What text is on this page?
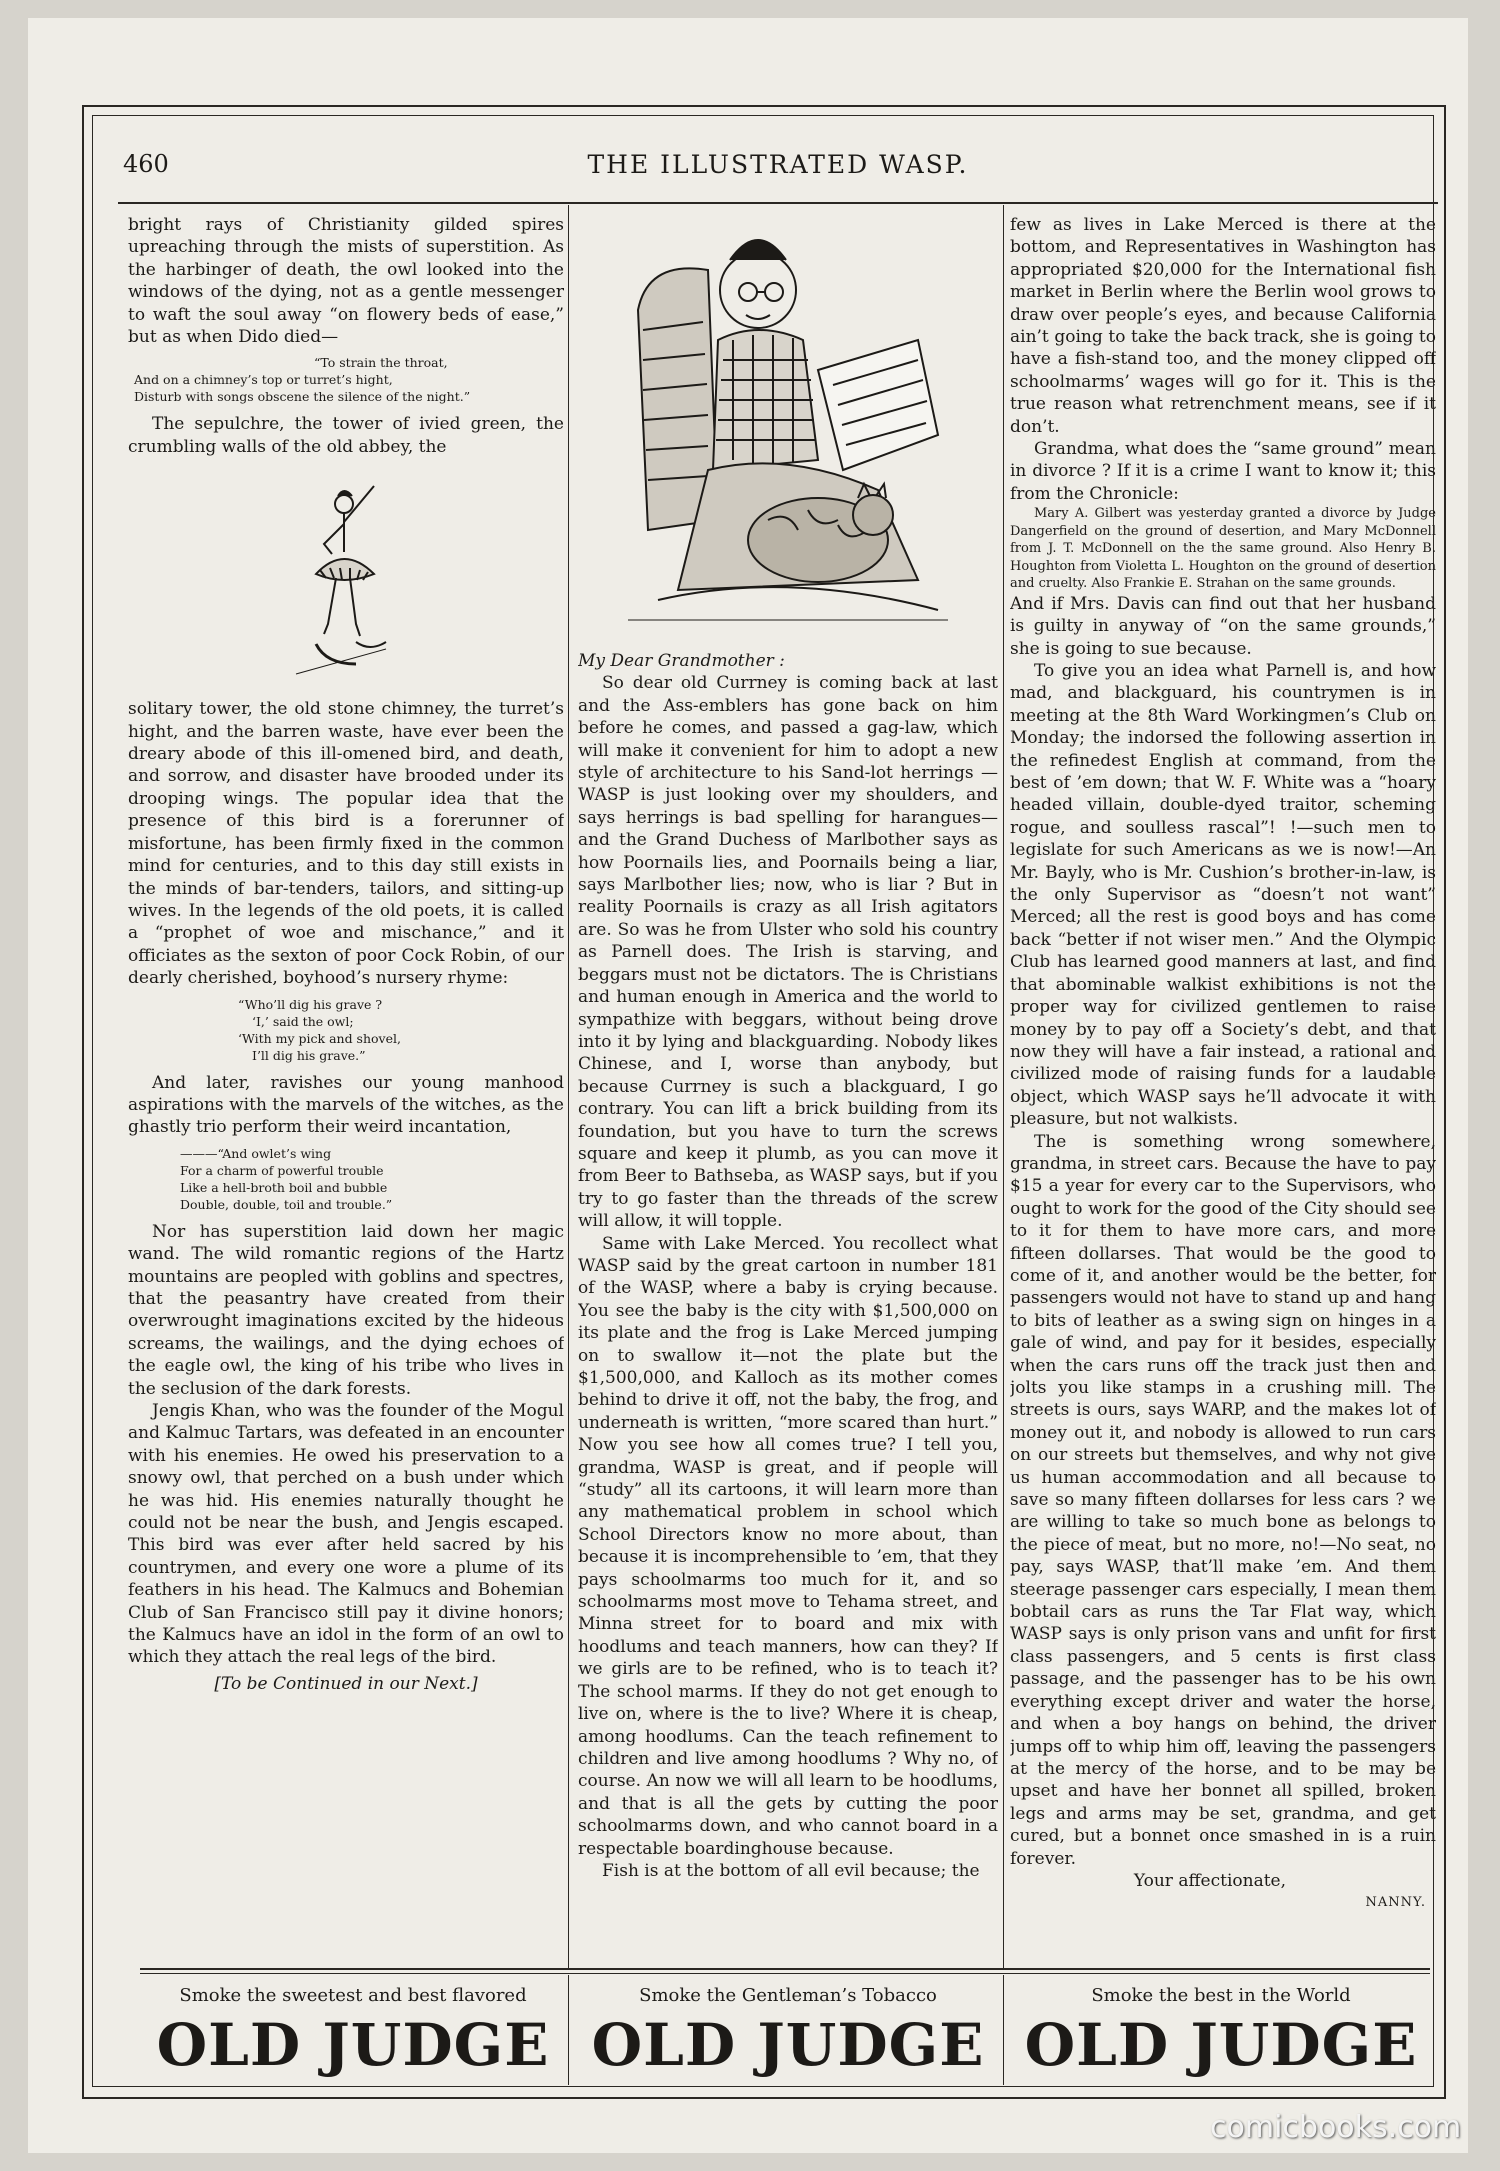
460	THE ILLUSTRATED WASP.

bright rays of Christianity gilded spires upreaching through the mists of superstition. As the harbinger of death, the owl looked into the windows of the dying, not as a gentle messenger to waft the soul away “on flowery beds of ease,” but as when Dido died—

“To strain the throat,
And on a chimney’s top or turret’s hight,
Disturb with songs obscene the silence of the night.”

The sepulchre, the tower of ivied green, the crumbling walls of the old abbey, the

solitary tower, the old stone chimney, the turret’s hight, and the barren waste, have ever been the dreary abode of this ill-omened bird, and death, and sorrow, and disaster have brooded under its drooping wings. The popular idea that the presence of this bird is a forerunner of misfortune, has been firmly fixed in the common mind for centuries, and to this day still exists in the minds of bar-tenders, tailors, and sitting-up wives. In the legends of the old poets, it is called a “prophet of woe and mischance,” and it officiates as the sexton of poor Cock Robin, of our dearly cherished, boyhood’s nursery rhyme:

“Who’ll dig his grave ?
‘I,’ said the owl;
‘With my pick and shovel,
I’ll dig his grave.”

And later, ravishes our young manhood aspirations with the marvels of the witches, as the ghastly trio perform their weird incantation,

———“And owlet’s wing
For a charm of powerful trouble
Like a hell-broth boil and bubble
Double, double, toil and trouble.”

Nor has superstition laid down her magic wand. The wild romantic regions of the Hartz mountains are peopled with goblins and spectres, that the peasantry have created from their overwrought imaginations excited by the hideous screams, the wailings, and the dying echoes of the eagle owl, the king of his tribe who lives in the seclusion of the dark forests.

Jengis Khan, who was the founder of the Mogul and Kalmuc Tartars, was defeated in an encounter with his enemies. He owed his preservation to a snowy owl, that perched on a bush under which he was hid. His enemies naturally thought he could not be near the bush, and Jengis escaped. This bird was ever after held sacred by his countrymen, and every one wore a plume of its feathers in his head. The Kalmucs and Bohemian Club of San Francisco still pay it divine honors; the Kalmucs have an idol in the form of an owl to which they attach the real legs of the bird.

[To be Continued in our Next.]

My Dear Grandmother :

So dear old Currney is coming back at last and the Ass-emblers has gone back on him before he comes, and passed a gag-law, which will make it convenient for him to adopt a new style of architecture to his Sand-lot herrings —WASP is just looking over my shoulders, and says herrings is bad spelling for harangues—and the Grand Duchess of Marlbother says as how Poornails lies, and Poornails being a liar, says Marlbother lies; now, who is liar ? But in reality Poornails is crazy as all Irish agitators are. So was he from Ulster who sold his country as Parnell does. The Irish is starving, and beggars must not be dictators. The is Christians and human enough in America and the world to sympathize with beggars, without being drove into it by lying and blackguarding. Nobody likes Chinese, and I, worse than anybody, but because Currney is such a blackguard, I go contrary. You can lift a brick building from its foundation, but you have to turn the screws square and keep it plumb, as you can move it from Beer to Bathseba, as WASP says, but if you try to go faster than the threads of the screw will allow, it will topple.

Same with Lake Merced. You recollect what WASP said by the great cartoon in number 181 of the WASP, where a baby is crying because. You see the baby is the city with $1,500,000 on its plate and the frog is Lake Merced jumping on to swallow it—not the plate but the $1,500,000, and Kalloch as its mother comes behind to drive it off, not the baby, the frog, and underneath is written, “more scared than hurt.” Now you see how all comes true? I tell you, grandma, WASP is great, and if people will “study” all its cartoons, it will learn more than any mathematical problem in school which School Directors know no more about, than because it is incomprehensible to ’em, that they pays schoolmarms too much for it, and so schoolmarms most move to Tehama street, and Minna street for to board and mix with hoodlums and teach manners, how can they? If we girls are to be refined, who is to teach it? The school marms. If they do not get enough to live on, where is the to live? Where it is cheap, among hoodlums. Can the teach refinement to children and live among hoodlums ? Why no, of course. An now we will all learn to be hoodlums, and that is all the gets by cutting the poor schoolmarms down, and who cannot board in a respectable boardinghouse because.

Fish is at the bottom of all evil because; the

few as lives in Lake Merced is there at the bottom, and Representatives in Washington has appropriated $20,000 for the International fish market in Berlin where the Berlin wool grows to draw over people’s eyes, and because California ain’t going to take the back track, she is going to have a fish-stand too, and the money clipped off schoolmarms’ wages will go for it. This is the true reason what retrenchment means, see if it don’t.

Grandma, what does the “same ground” mean in divorce ? If it is a crime I want to know it; this from the Chronicle:

Mary A. Gilbert was yesterday granted a divorce by Judge Dangerfield on the ground of desertion, and Mary McDonnell from J. T. McDonnell on the the same ground. Also Henry B. Houghton from Violetta L. Houghton on the ground of desertion and cruelty. Also Frankie E. Strahan on the same grounds.

And if Mrs. Davis can find out that her husband is guilty in anyway of “on the same grounds,” she is going to sue because.

To give you an idea what Parnell is, and how mad, and blackguard, his countrymen is in meeting at the 8th Ward Workingmen’s Club on Monday; the indorsed the following assertion in the refinedest English at command, from the best of ’em down; that W. F. White was a “hoary headed villain, double-dyed traitor, scheming rogue, and soulless rascal”! !—such men to legislate for such Americans as we is now!—An Mr. Bayly, who is Mr. Cushion’s brother-in-law, is the only Supervisor as “doesn’t not want” Merced; all the rest is good boys and has come back “better if not wiser men.” And the Olympic Club has learned good manners at last, and find that abominable walkist exhibitions is not the proper way for civilized gentlemen to raise money by to pay off a Society’s debt, and that now they will have a fair instead, a rational and civilized mode of raising funds for a laudable object, which WASP says he’ll advocate it with pleasure, but not walkists.

The is something wrong somewhere, grandma, in street cars. Because the have to pay $15 a year for every car to the Supervisors, who ought to work for the good of the City should see to it for them to have more cars, and more fifteen dollarses. That would be the good to come of it, and another would be the better, for passengers would not have to stand up and hang to bits of leather as a swing sign on hinges in a gale of wind, and pay for it besides, especially when the cars runs off the track just then and jolts you like stamps in a crushing mill. The streets is ours, says WARP, and the makes lot of money out it, and nobody is allowed to run cars on our streets but themselves, and why not give us human accommodation and all because to save so many fifteen dollarses for less cars ? we are willing to take so much bone as belongs to the piece of meat, but no more, no!—No seat, no pay, says WASP, that’ll make ’em. And them steerage passenger cars especially, I mean them bobtail cars as runs the Tar Flat way, which WASP says is only prison vans and unfit for first class passengers, and 5 cents is first class passage, and the passenger has to be his own everything except driver and water the horse, and when a boy hangs on behind, the driver jumps off to whip him off, leaving the passengers at the mercy of the horse, and to be may be upset and have her bonnet all spilled, broken legs and arms may be set, grandma, and get cured, but a bonnet once smashed in is a ruin forever.

Your affectionate,

NANNY.

Smoke the sweetest and best flavored
OLD JUDGE
Smoke the Gentleman’s Tobacco
OLD JUDGE
Smoke the best in the World
OLD JUDGE
comicbooks.com
